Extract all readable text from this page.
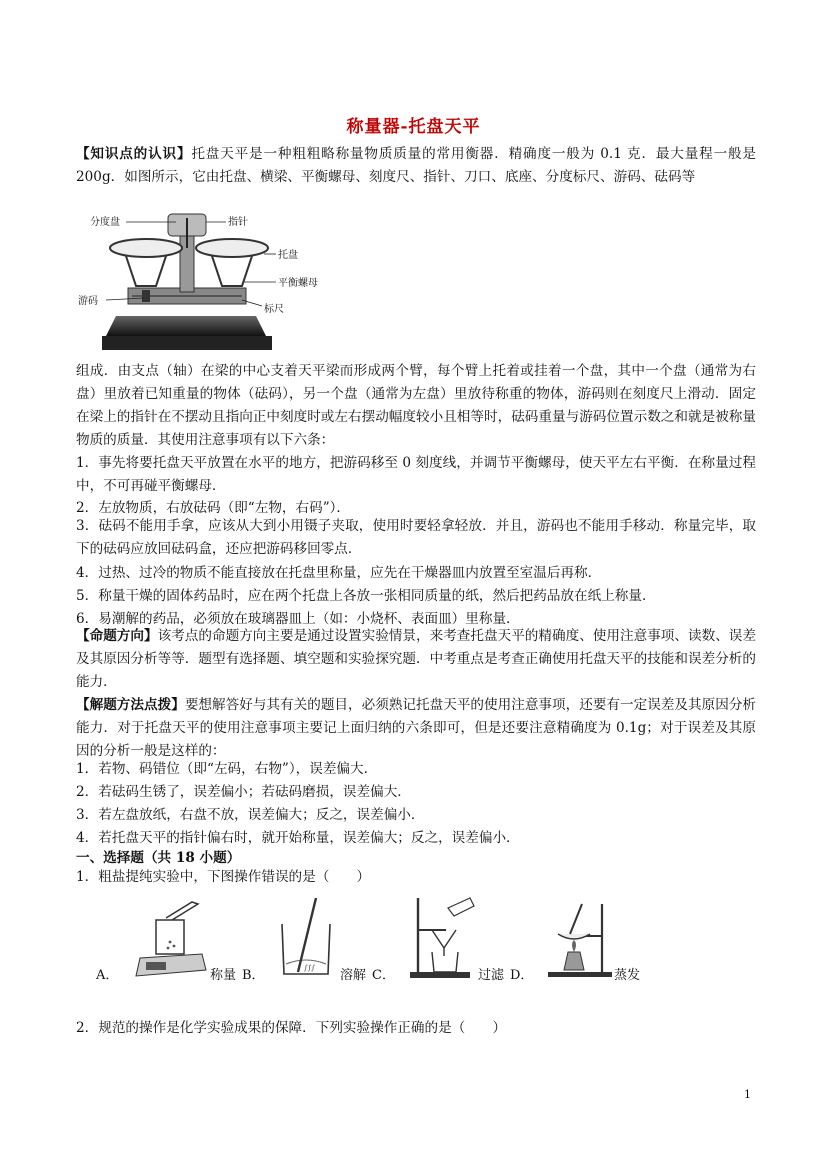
称量器-托盘天平
【知识点的认识】托盘天平是一种粗粗略称量物质质量的常用衡器．精确度一般为 0.1 克．最大量程一般是 200g．如图所示，它由托盘、横梁、平衡螺母、刻度尺、指针、刀口、底座、分度标尺、游码、砝码等
分度盘	指针
托盘
平衡螺母
游码
标尺
组成．由支点（轴）在梁的中心支着天平梁而形成两个臂，每个臂上托着或挂着一个盘，其中一个盘（通常为右盘）里放着已知重量的物体（砝码），另一个盘（通常为左盘）里放待称重的物体，游码则在刻度尺上滑动．固定在梁上的指针在不摆动且指向正中刻度时或左右摆动幅度较小且相等时，砝码重量与游码位置示数之和就是被称量物质的质量．其使用注意事项有以下六条：
1．事先将要托盘天平放置在水平的地方，把游码移至 0 刻度线，并调节平衡螺母，使天平左右平衡．在称量过程中，不可再碰平衡螺母．
2．左放物质，右放砝码（即“左物，右码”）．
3．砝码不能用手拿，应该从大到小用镊子夹取，使用时要轻拿轻放．并且，游码也不能用手移动．称量完毕，取下的砝码应放回砝码盒，还应把游码移回零点．
4．过热、过冷的物质不能直接放在托盘里称量，应先在干燥器皿内放置至室温后再称．
5．称量干燥的固体药品时，应在两个托盘上各放一张相同质量的纸，然后把药品放在纸上称量．
6．易潮解的药品，必须放在玻璃器皿上（如：小烧杯、表面皿）里称量．
【命题方向】该考点的命题方向主要是通过设置实验情景，来考查托盘天平的精确度、使用注意事项、读数、误差及其原因分析等等．题型有选择题、填空题和实验探究题．中考重点是考查正确使用托盘天平的技能和误差分析的能力．
【解题方法点拨】要想解答好与其有关的题目，必须熟记托盘天平的使用注意事项，还要有一定误差及其原因分析能力．对于托盘天平的使用注意事项主要记上面归纳的六条即可，但是还要注意精确度为 0.1g；对于误差及其原因的分析一般是这样的：
1．若物、码错位（即“左码，右物”），误差偏大．
2．若砝码生锈了，误差偏小；若砝码磨损，误差偏大．
3．若左盘放纸，右盘不放，误差偏大；反之，误差偏小．
4．若托盘天平的指针偏右时，就开始称量，误差偏大；反之，误差偏小．
一、选择题（共 18 小题）
1．粗盐提纯实验中，下图操作错误的是（　　）
A．	称量 B．	∫∫∫ 溶解 C．	过滤 D．	蒸发
2．规范的操作是化学实验成果的保障．下列实验操作正确的是（　　）
1
